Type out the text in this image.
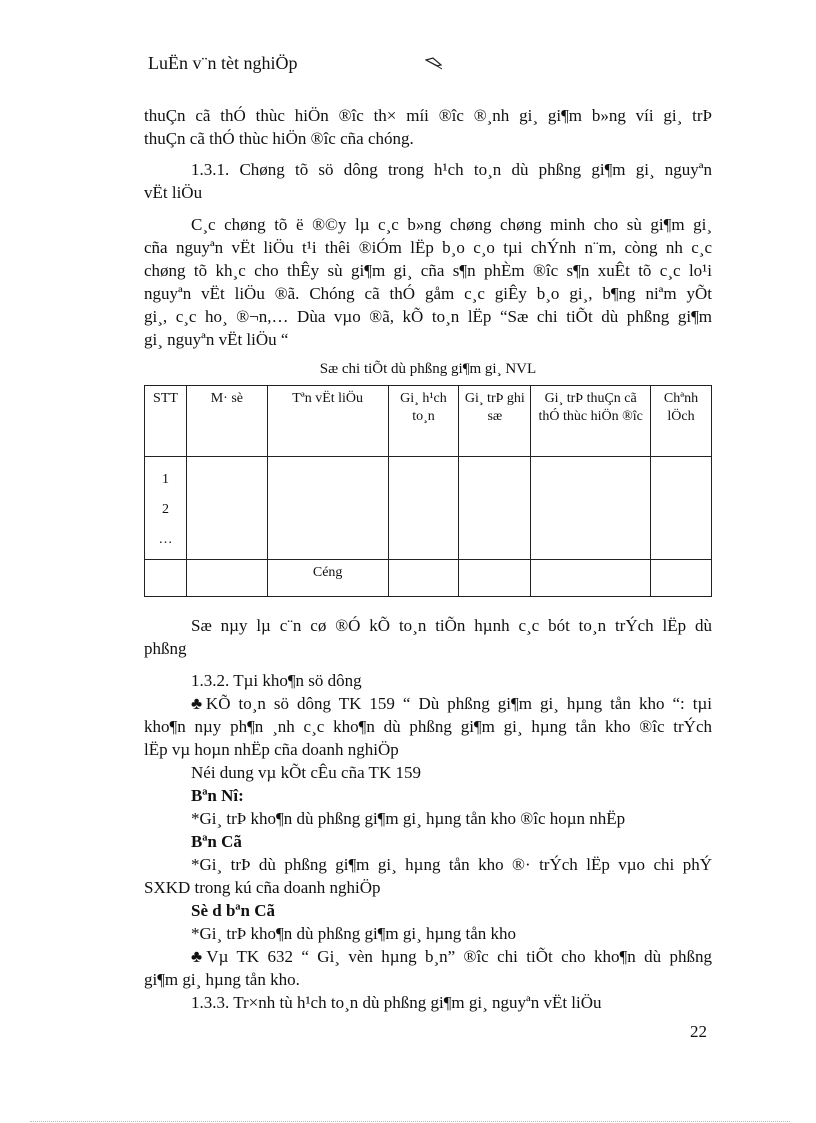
LuËn v¨n tèt nghiÖp

thuÇn cã thÓ thùc hiÖn ®îc th× míi ®îc ®¸nh gi¸ gi¶m b»ng víi gi¸ trÞ

thuÇn cã thÓ thùc hiÖn ®îc cña chóng.

1.3.1. Chøng tõ sö dông trong h¹ch to¸n dù phßng gi¶m gi¸ nguyªn

vËt liÖu

C¸c chøng tõ ë ®©y lµ c¸c b»ng chøng chøng minh cho sù gi¶m gi¸

cña nguyªn vËt liÖu t¹i thêi ®iÓm lËp b¸o c¸o tµi chÝnh n¨m, còng nh c¸c

chøng tõ kh¸c cho thÊy sù gi¶m gi¸ cña s¶n phÈm ®îc s¶n xuÊt tõ c¸c lo¹i

nguyªn vËt liÖu ®ã. Chóng cã thÓ gåm c¸c giÊy b¸o gi¸, b¶ng niªm yÕt

gi¸, c¸c ho¸ ®¬n,… Dùa vµo ®ã, kÕ to¸n lËp “Sæ chi tiÕt dù phßng gi¶m

gi¸ nguyªn vËt liÖu “

Sæ chi tiÕt dù phßng gi¶m gi¸ NVL
STT	M· sè	Tªn vËt liÖu	Gi¸ h¹ch to¸n	Gi¸ trÞ ghi sæ	Gi¸ trÞ thuÇn cã thÓ thùc hiÖn ®îc	Chªnh lÖch

1
2
…						

		Céng				

Sæ nµy lµ c¨n cø ®Ó kÕ to¸n tiÕn hµnh c¸c bót to¸n trÝch lËp dù

phßng

1.3.2. Tµi kho¶n sö dông

♣KÕ to¸n sö dông TK 159 “ Dù phßng gi¶m gi¸ hµng tån kho “: tµi

kho¶n nµy ph¶n ¸nh c¸c kho¶n dù phßng gi¶m gi¸ hµng tån kho ®îc trÝch

lËp vµ hoµn nhËp cña doanh nghiÖp

Néi dung vµ kÕt cÊu cña TK 159

Bªn Nî:

*Gi¸ trÞ kho¶n dù phßng gi¶m gi¸ hµng tån kho ®îc hoµn nhËp

Bªn Cã

*Gi¸ trÞ dù phßng gi¶m gi¸ hµng tån kho ®· trÝch lËp vµo chi phÝ

SXKD trong kú cña doanh nghiÖp

Sè d bªn Cã

*Gi¸ trÞ kho¶n dù phßng gi¶m gi¸ hµng tån kho

♣Vµ TK 632 “ Gi¸ vèn hµng b¸n” ®îc chi tiÕt cho kho¶n dù phßng

gi¶m gi¸ hµng tån kho.

1.3.3. Tr×nh tù h¹ch to¸n dù phßng gi¶m gi¸ nguyªn vËt liÖu

22
